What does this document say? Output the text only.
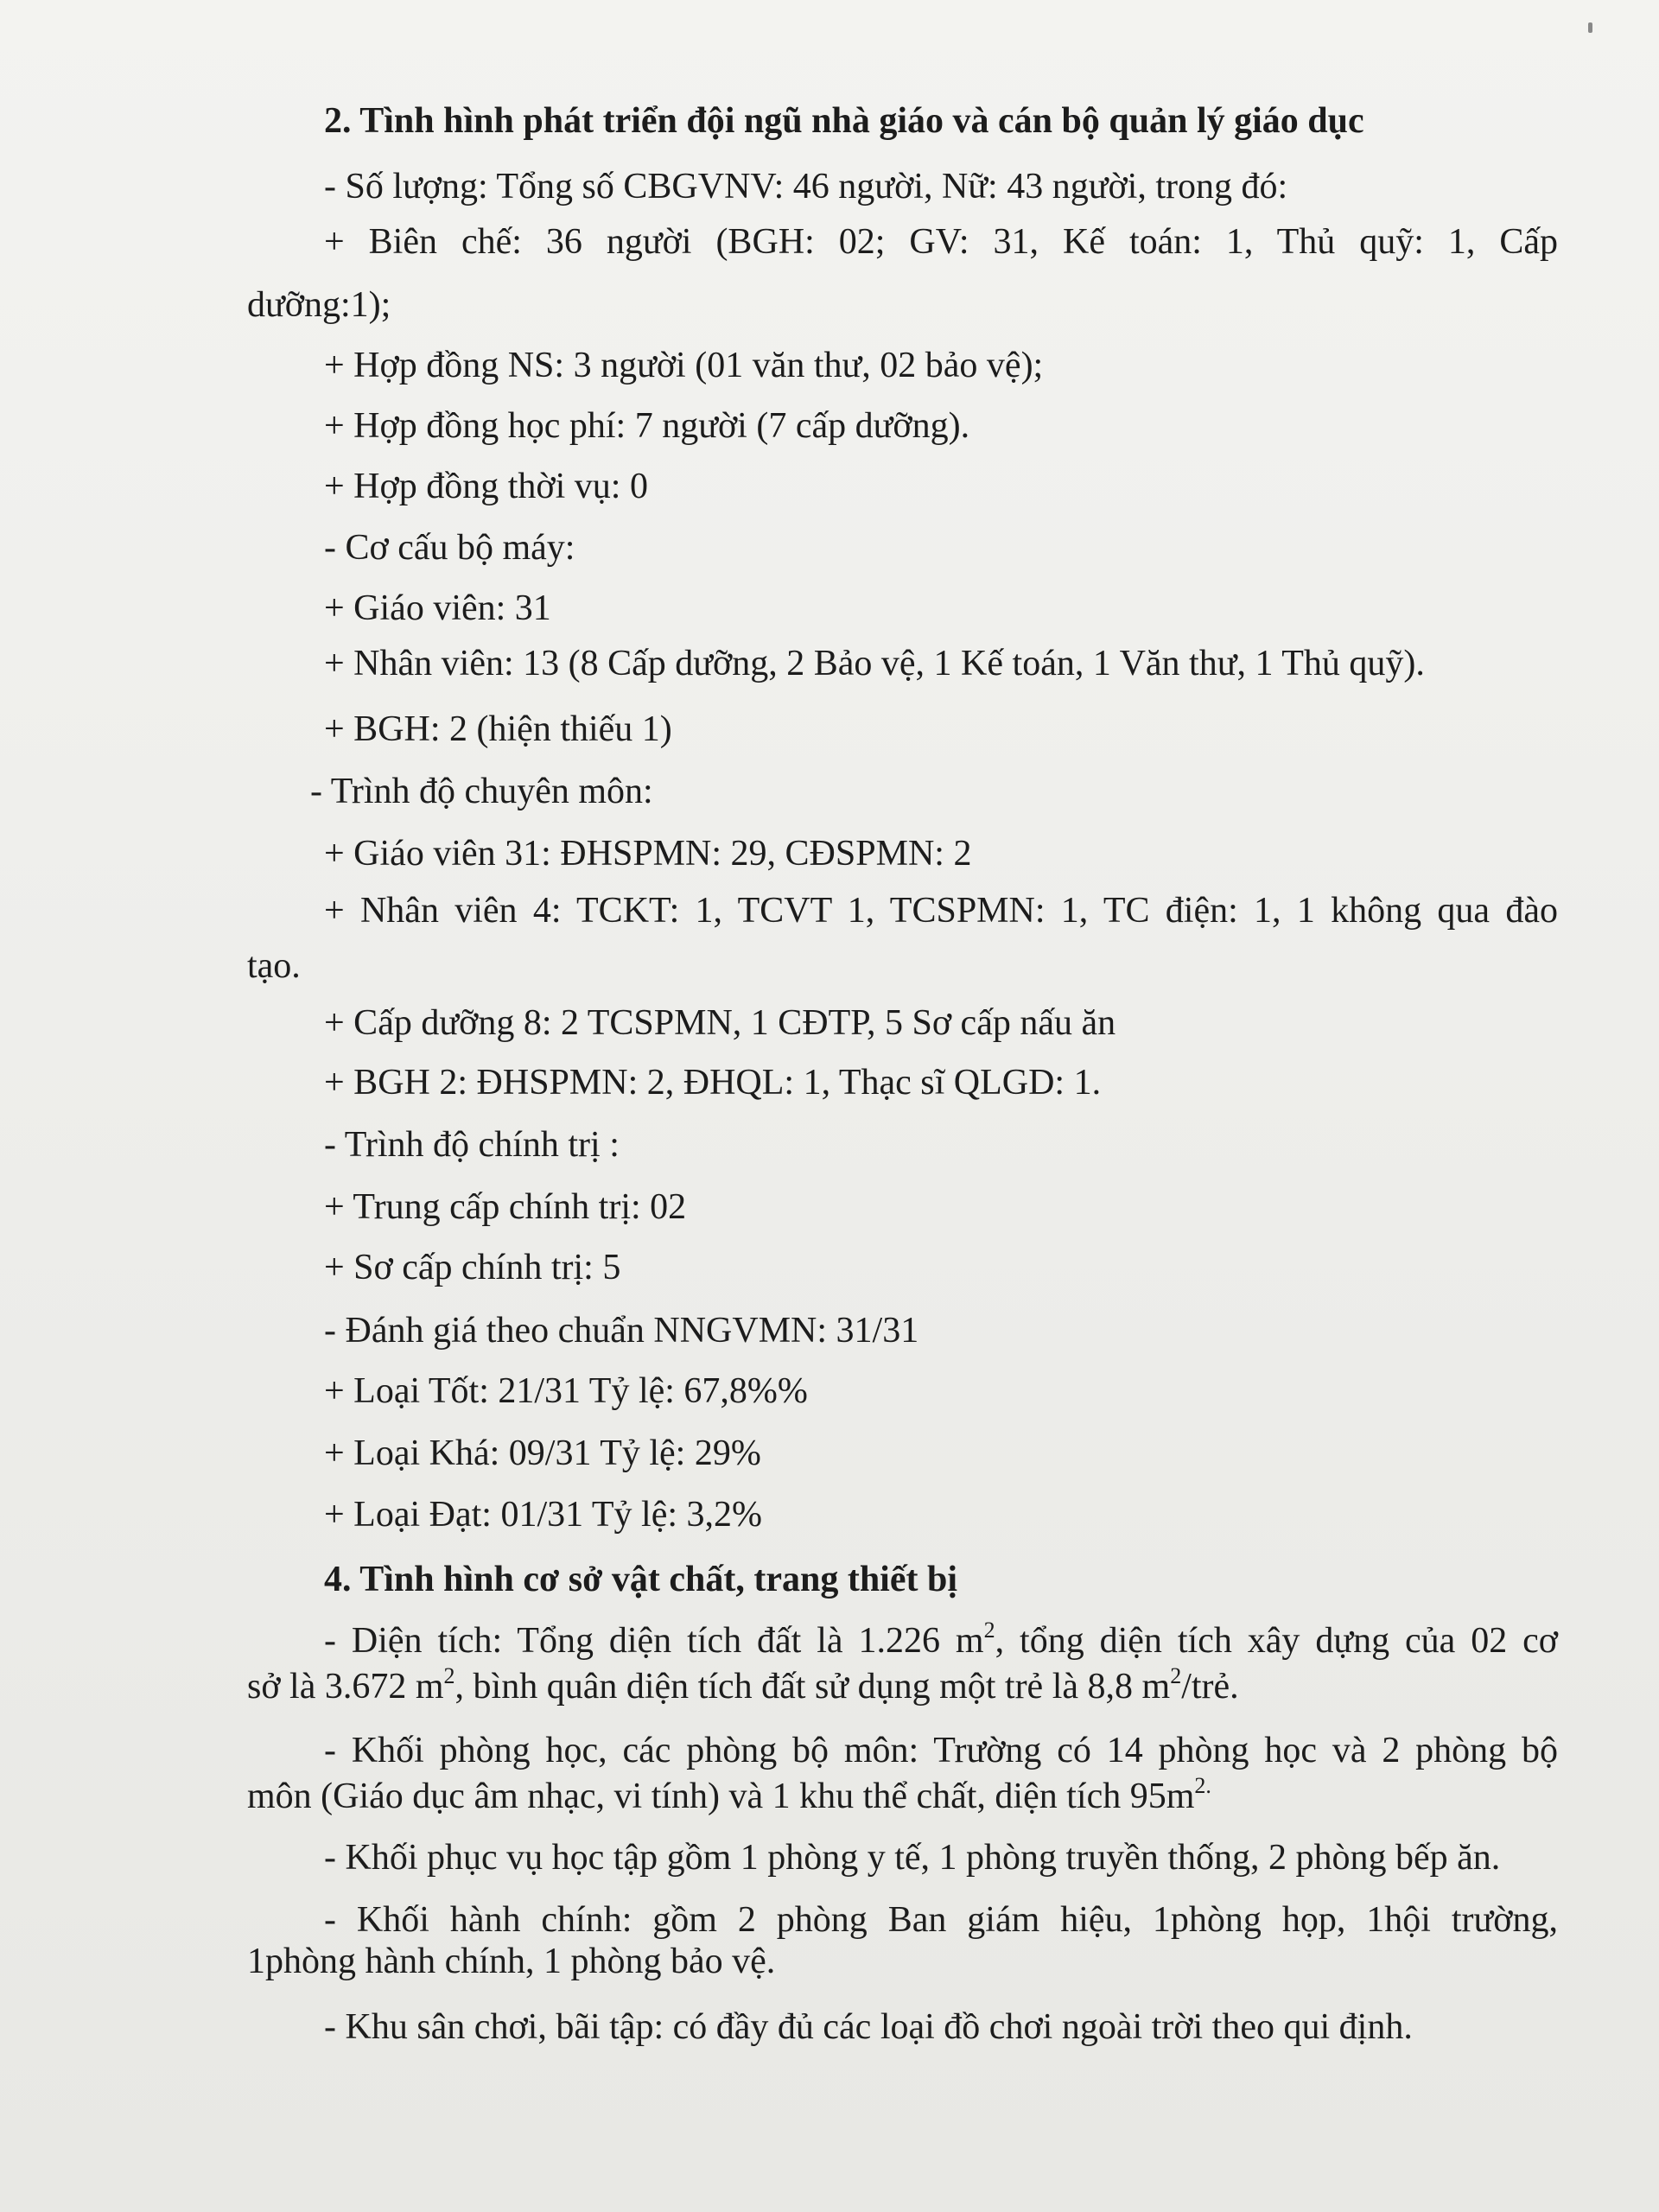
2. Tình hình phát triển đội ngũ nhà giáo và cán bộ quản lý giáo dục
- Số lượng: Tổng số CBGVNV: 46 người, Nữ: 43 người, trong đó:
+ Biên chế: 36 người (BGH: 02; GV: 31, Kế toán: 1, Thủ quỹ: 1, Cấp
dưỡng:1);
+ Hợp đồng NS: 3 người (01 văn thư, 02 bảo vệ);
+ Hợp đồng học phí: 7 người (7 cấp dưỡng).
+ Hợp đồng thời vụ: 0
- Cơ cấu bộ máy:
+ Giáo viên: 31
+ Nhân viên: 13 (8 Cấp dưỡng, 2 Bảo vệ, 1 Kế toán, 1 Văn thư, 1 Thủ quỹ).
+ BGH: 2 (hiện thiếu 1)
- Trình độ chuyên môn:
+ Giáo viên 31: ĐHSPMN: 29, CĐSPMN: 2
+ Nhân viên 4: TCKT: 1, TCVT 1, TCSPMN: 1, TC điện: 1, 1 không qua đào
tạo.
+ Cấp dưỡng 8: 2 TCSPMN, 1 CĐTP, 5 Sơ cấp nấu ăn
+ BGH 2: ĐHSPMN: 2, ĐHQL: 1, Thạc sĩ QLGD: 1.
- Trình độ chính trị :
+ Trung cấp chính trị: 02
+ Sơ cấp chính trị: 5
- Đánh giá theo chuẩn NNGVMN: 31/31
+ Loại Tốt: 21/31 Tỷ lệ: 67,8%%
+ Loại Khá: 09/31 Tỷ lệ: 29%
+ Loại Đạt: 01/31 Tỷ lệ: 3,2%
4. Tình hình cơ sở vật chất, trang thiết bị
- Diện tích: Tổng diện tích đất là 1.226 $m^2$, tổng diện tích xây dựng của 02 cơ
sở là 3.672 $m^2$, bình quân diện tích đất sử dụng một trẻ là 8,8 $m^2$/trẻ.
- Khối phòng học, các phòng bộ môn: Trường có 14 phòng học và 2 phòng bộ
môn (Giáo dục âm nhạc, vi tính) và 1 khu thể chất, diện tích $95m^{2.}$
- Khối phục vụ học tập gồm 1 phòng y tế, 1 phòng truyền thống, 2 phòng bếp ăn.
- Khối hành chính: gồm 2 phòng Ban giám hiệu, 1phòng họp, 1hội trường,
1phòng hành chính, 1 phòng bảo vệ.
- Khu sân chơi, bãi tập: có đầy đủ các loại đồ chơi ngoài trời theo qui định.
